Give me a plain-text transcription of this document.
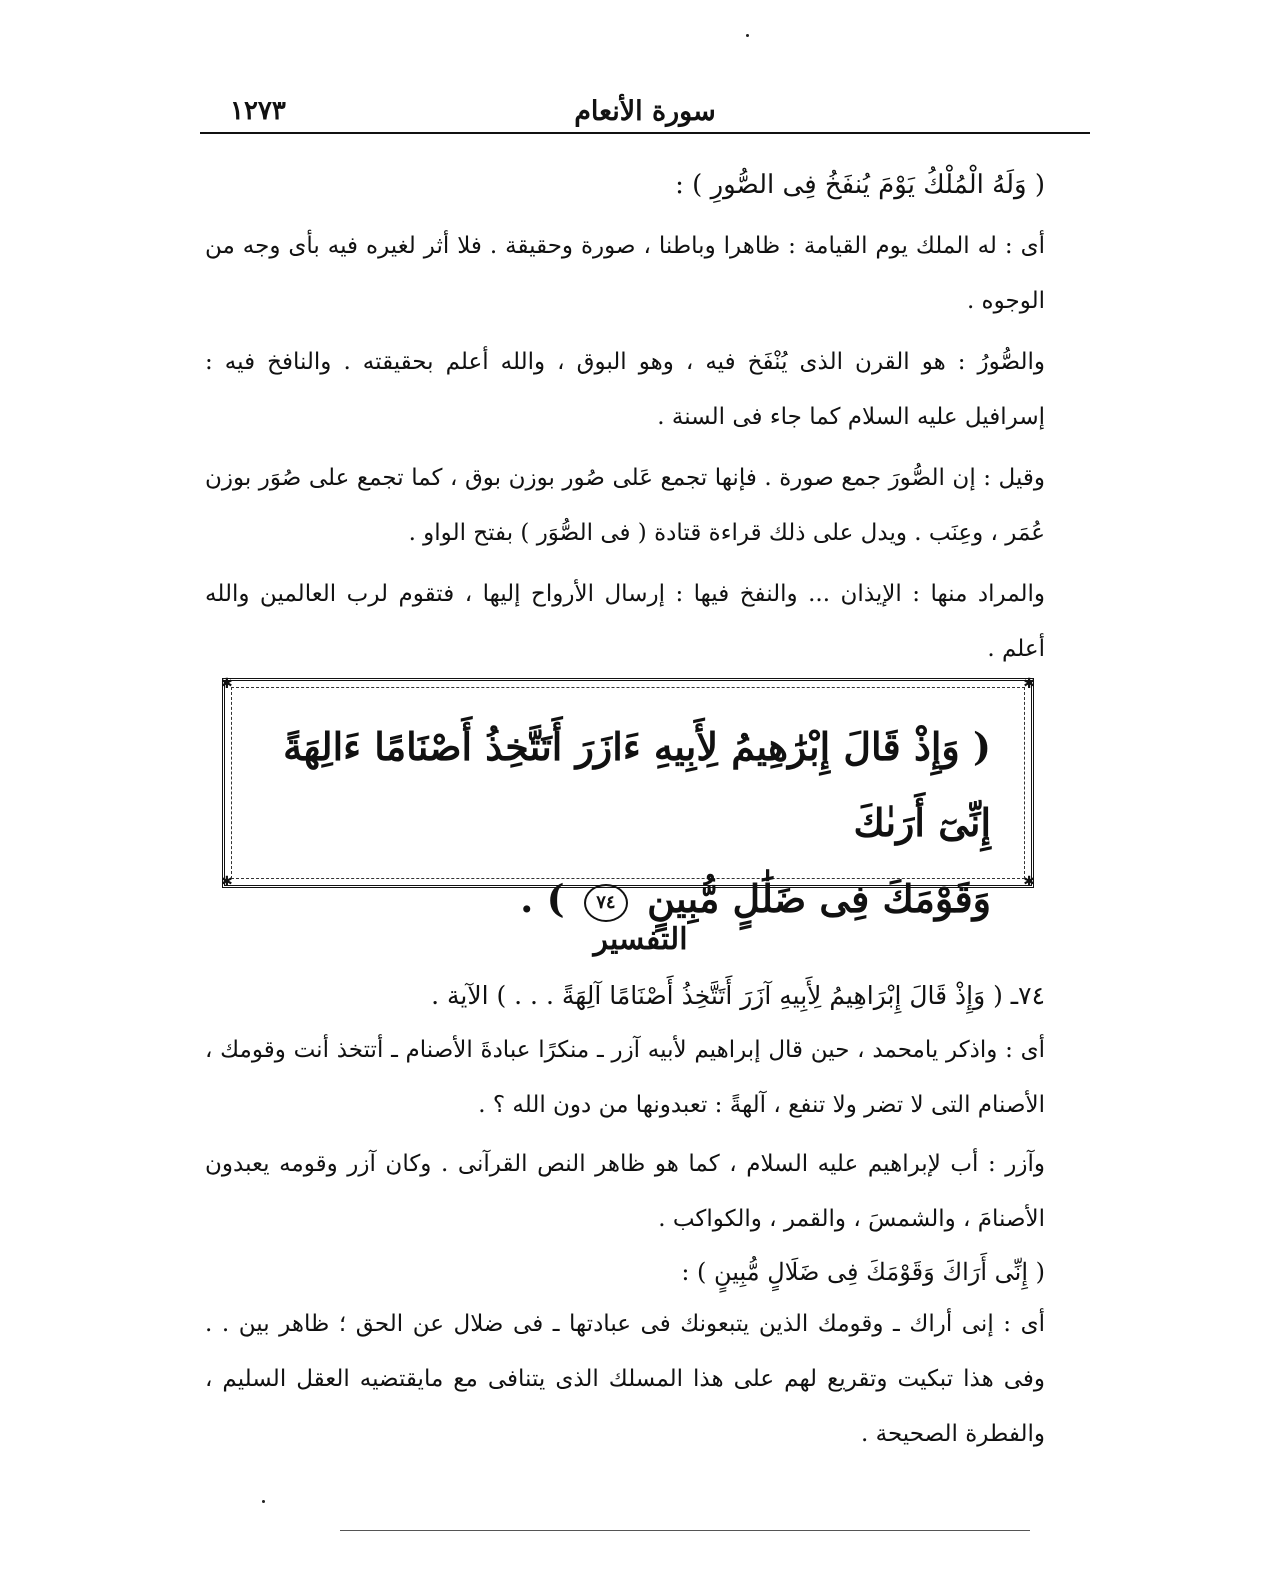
١٢٧٣	سورة الأنعام

( وَلَهُ الْمُلْكُ يَوْمَ يُنفَخُ فِى الصُّورِ ) :

أى : له الملك يوم القيامة : ظاهرا وباطنا ، صورة وحقيقة . فلا أثر لغيره فيه بأى وجه من الوجوه .

والصُّورُ : هو القرن الذى يُنْفَخ فيه ، وهو البوق ، والله أعلم بحقيقته . والنافخ فيه : إسرافيل عليه السلام كما جاء فى السنة .

وقيل : إن الصُّورَ جمع صورة . فإنها تجمع عَلى صُور بوزن بوق ، كما تجمع على صُوَر بوزن عُمَر ، وعِنَب . ويدل على ذلك قراءة قتادة ( فى الصُّوَر ) بفتح الواو .

والمراد منها : الإيذان ... والنفخ فيها : إرسال الأرواح إليها ، فتقوم لرب العالمين والله أعلم .

✱	✱
✱	✱
( وَإِذْ قَالَ إِبْرَٰهِيمُ لِأَبِيهِ ءَازَرَ أَتَتَّخِذُ أَصْنَامًا ءَالِهَةً إِنِّىٓ أَرَىٰكَ
وَقَوْمَكَ فِى ضَلَٰلٍ مُّبِينٍ ٧٤ ) .
التفسير

٧٤ـ ( وَإِذْ قَالَ إِبْرَاهِيمُ لِأَبِيهِ آزَرَ أَتَتَّخِذُ أَصْنَامًا آلِهَةً . . . ) الآية .

أى : واذكر يامحمد ، حين قال إبراهيم لأبيه آزر ـ منكرًا عبادةَ الأصنام ـ أتتخذ أنت وقومك ، الأصنام التى لا تضر ولا تنفع ، آلهةً : تعبدونها من دون الله ؟ .

وآزر : أب لإبراهيم عليه السلام ، كما هو ظاهر النص القرآنى . وكان آزر وقومه يعبدون الأصنامَ ، والشمسَ ، والقمر ، والكواكب .

( إِنِّى أَرَاكَ وَقَوْمَكَ فِى ضَلَالٍ مُّبِينٍ ) :

أى : إنى أراك ـ وقومك الذين يتبعونك فى عبادتها ـ فى ضلال عن الحق ؛ ظاهر بين . . وفى هذا تبكيت وتقريع لهم على هذا المسلك الذى يتنافى مع مايقتضيه العقل السليم ، والفطرة الصحيحة .
